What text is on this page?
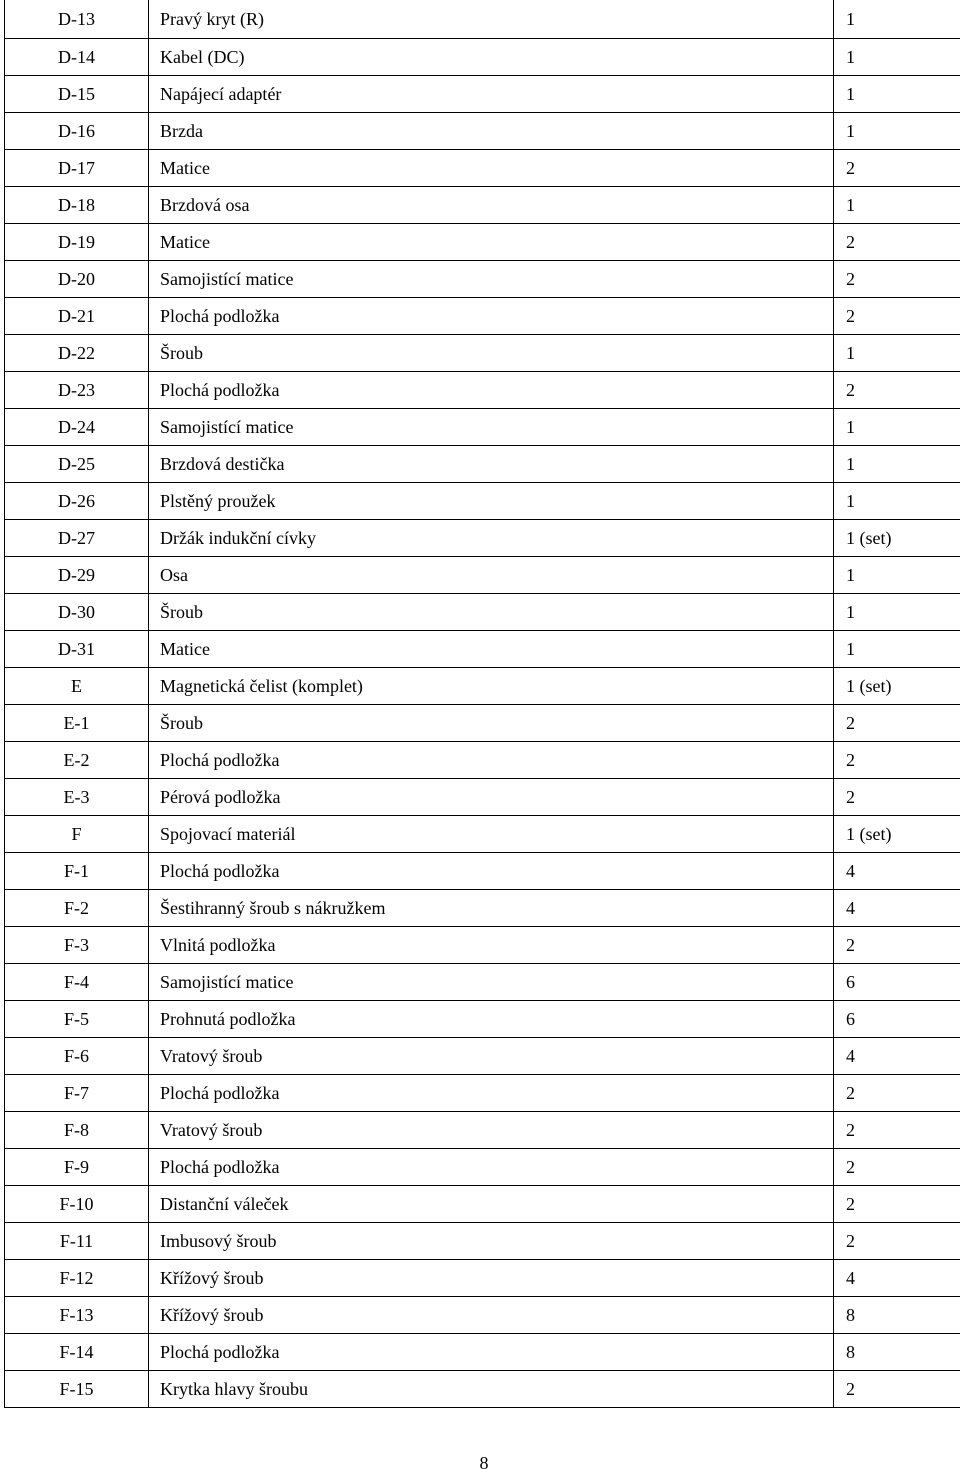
D-13	Pravý kryt (R)	1
D-14	Kabel (DC)	1
D-15	Napájecí adaptér	1
D-16	Brzda	1
D-17	Matice	2
D-18	Brzdová osa	1
D-19	Matice	2
D-20	Samojistící matice	2
D-21	Plochá podložka	2
D-22	Šroub	1
D-23	Plochá podložka	2
D-24	Samojistící matice	1
D-25	Brzdová destička	1
D-26	Plstěný proužek	1
D-27	Držák indukční cívky	1 (set)
D-29	Osa	1
D-30	Šroub	1
D-31	Matice	1
E	Magnetická čelist (komplet)	1 (set)
E-1	Šroub	2
E-2	Plochá podložka	2
E-3	Pérová podložka	2
F	Spojovací materiál	1 (set)
F-1	Plochá podložka	4
F-2	Šestihranný šroub s nákružkem	4
F-3	Vlnitá podložka	2
F-4	Samojistící matice	6
F-5	Prohnutá podložka	6
F-6	Vratový šroub	4
F-7	Plochá podložka	2
F-8	Vratový šroub	2
F-9	Plochá podložka	2
F-10	Distanční váleček	2
F-11	Imbusový šroub	2
F-12	Křížový šroub	4
F-13	Křížový šroub	8
F-14	Plochá podložka	8
F-15	Krytka hlavy šroubu	2
8
